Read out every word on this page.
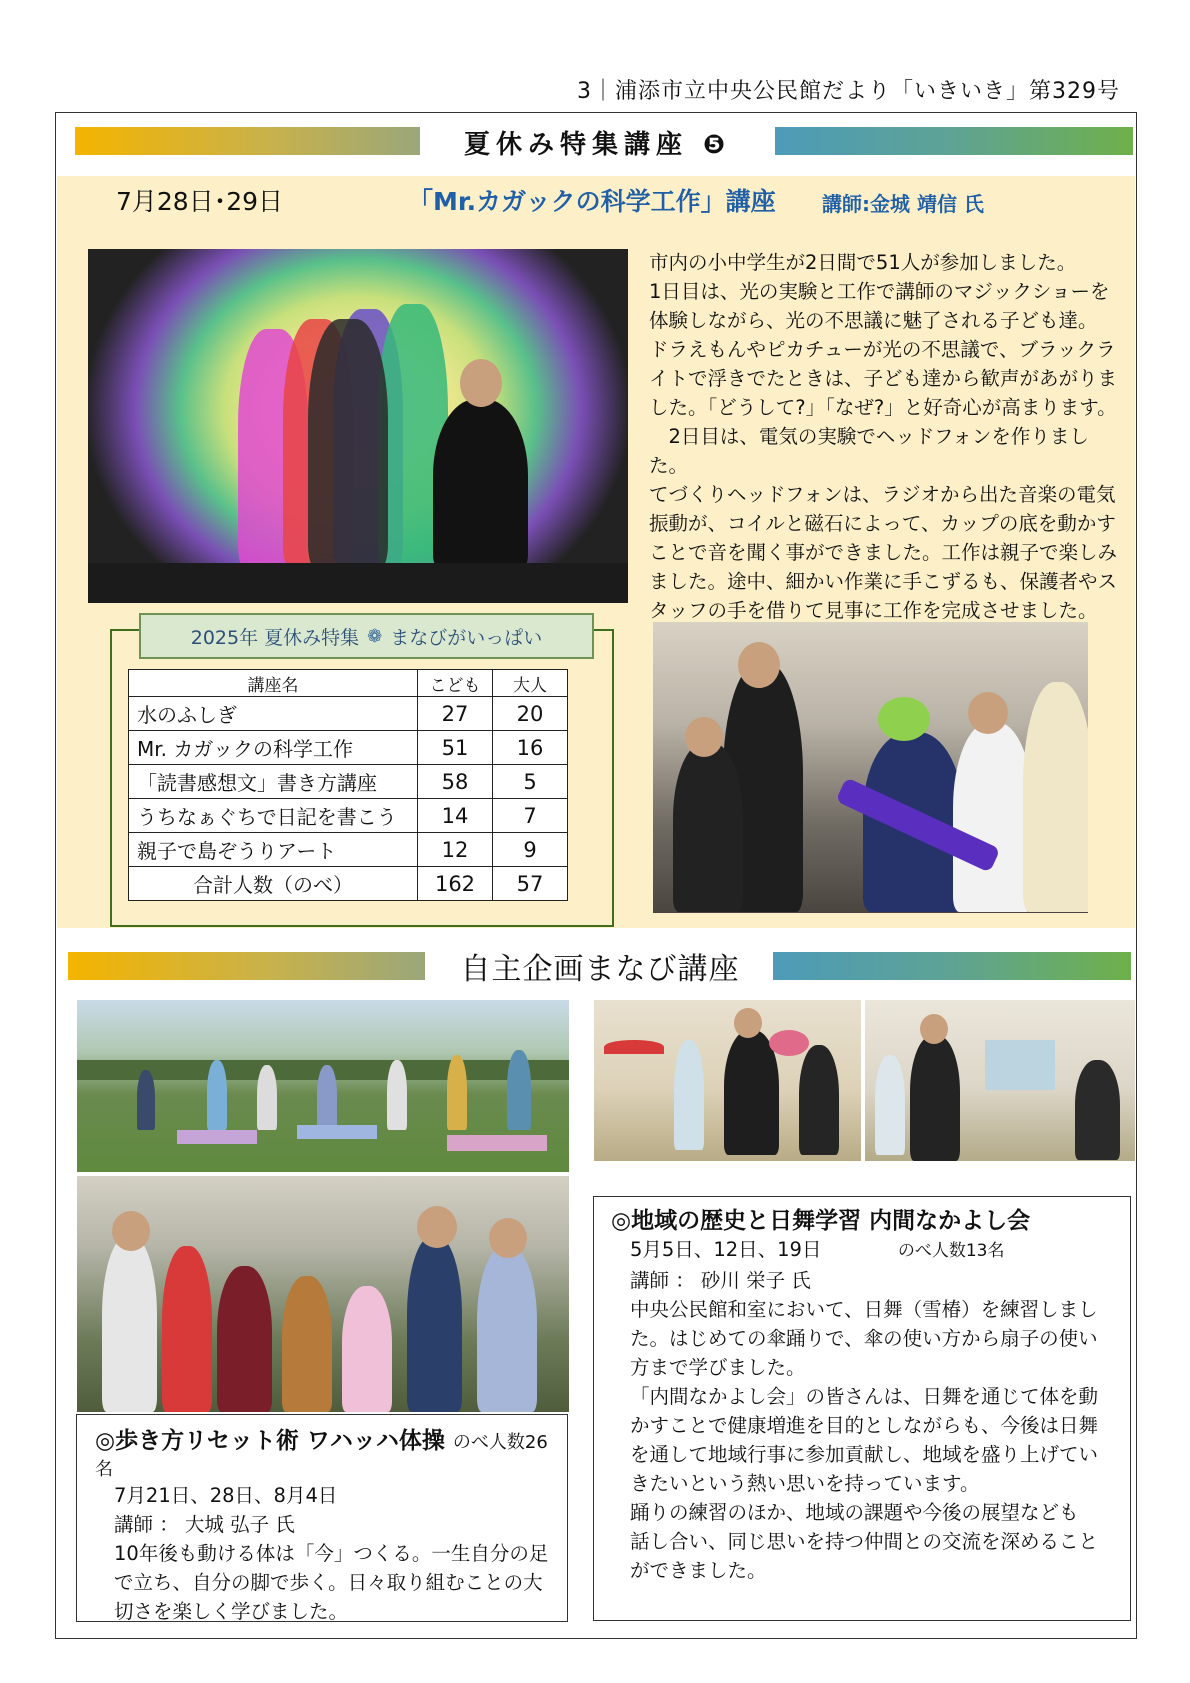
3｜浦添市立中央公民館だより「いきいき」第329号
夏休み特集講座 ❺
7月28日･29日	「Mr.カガックの科学工作」講座 講師:金城 靖信 氏

市内の小中学生が2日間で51人が参加しました。

1日目は、光の実験と工作で講師のマジックショーを

体験しながら、光の不思議に魅了される子ども達。

ドラえもんやピカチューが光の不思議で、ブラックラ

イトで浮きでたときは、子ども達から歓声があがりま

した。「どうして?」「なぜ?」と好奇心が高まります。

　2日目は、電気の実験でヘッドフォンを作りました。

てづくりヘッドフォンは、ラジオから出た音楽の電気

振動が、コイルと磁石によって、カップの底を動かす

ことで音を聞く事ができました。工作は親子で楽しみ

ました。途中、細かい作業に手こずるも、保護者やス

タッフの手を借りて見事に工作を完成させました。

2025年 夏休み特集 ❁ まなびがいっぱい
講座名	こども	大人
水のふしぎ	27	20
Mr. カガックの科学工作	51	16
「読書感想文」書き方講座	58	5
うちなぁぐちで日記を書こう	14	7
親子で島ぞうりアート	12	9
合計人数（のべ）	162	57
自主企画まなび講座
◎歩き方リセット術 ワハッハ体操 のべ人数26名

7月21日、28日、8月4日

講師 ： 大城 弘子 氏

10年後も動ける体は「今」つくる。一生自分の足

で立ち、自分の脚で歩く。日々取り組むことの大

切さを楽しく学びました。

◎地域の歴史と日舞学習 内間なかよし会

5月5日、12日、19日	のべ人数13名

講師 ： 砂川 栄子 氏

中央公民館和室において、日舞（雪椿）を練習しまし

た。はじめての傘踊りで、傘の使い方から扇子の使い

方まで学びました。

「内間なかよし会」の皆さんは、日舞を通じて体を動

かすことで健康増進を目的としながらも、今後は日舞

を通して地域行事に参加貢献し、地域を盛り上げてい

きたいという熱い思いを持っています。

踊りの練習のほか、地域の課題や今後の展望なども

話し合い、同じ思いを持つ仲間との交流を深めること

ができました。
